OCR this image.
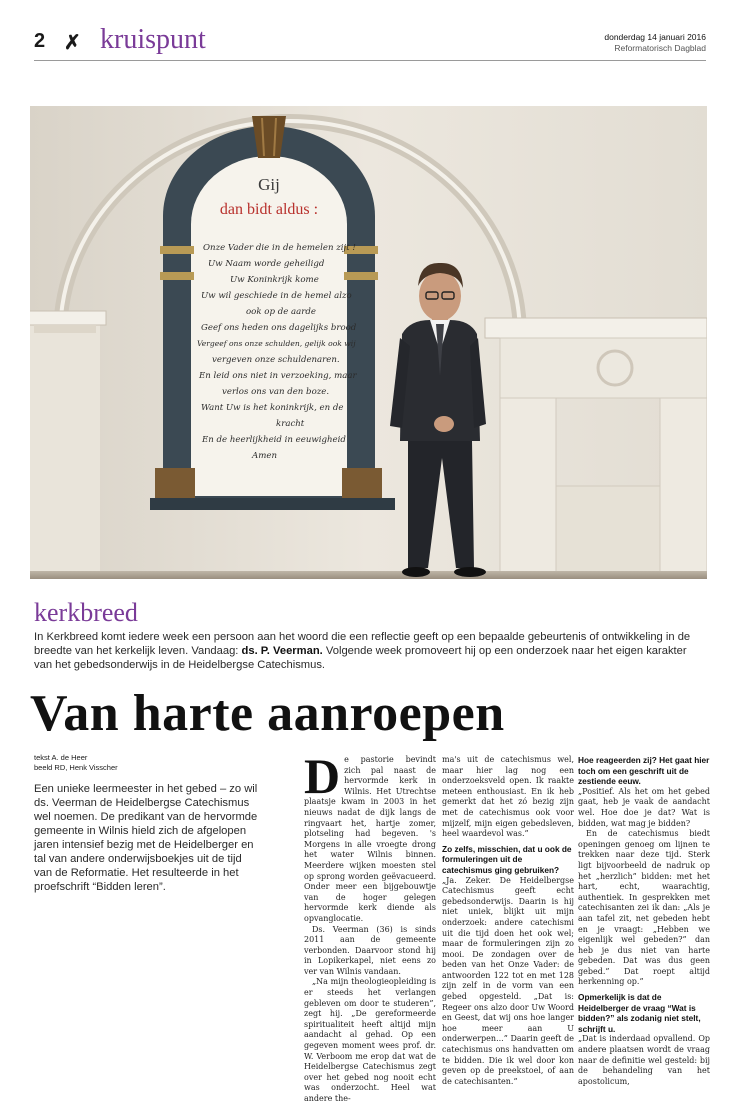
2 ✗ kruispunt	donderdag 14 januari 2016
Reformatorisch Dagblad
Gij
dan bidt aldus :
Onze Vader die in de hemelen zijt !
Uw Naam worde geheiligd
Uw Koninkrijk kome
Uw wil geschiede in de hemel alzo
ook op de aarde
Geef ons heden ons dagelijks brood
Vergeef ons onze schulden, gelijk ook wij
vergeven onze schuldenaren.
En leid ons niet in verzoeking, maar
verlos ons van den boze.
Want Uw is het koninkrijk, en de
kracht
En de heerlijkheid in eeuwigheid
Amen
kerkbreed

In Kerkbreed komt iedere week een persoon aan het woord die een reflectie geeft op een bepaalde gebeurtenis of ontwikkeling in de breedte van het kerkelijk leven. Vandaag: ds. P. Veerman. Volgende week promoveert hij op een onderzoek naar het eigen karakter van het gebedsonderwijs in de Heidelbergse Catechismus.

Van harte aanroepen
tekst A. de Heer
beeld RD, Henk Visscher

Een unieke leermeester in het gebed – zo wil ds. Veerman de Heidelbergse Catechismus wel noemen. De predikant van de hervormde gemeente in Wilnis hield zich de afgelopen jaren intensief bezig met de Heidelberger en tal van andere onderwijsboekjes uit de tijd van de Reformatie. Het resulteerde in het proefschrift “Bidden leren”.

D e pastorie bevindt zich pal naast de hervormde kerk in Wilnis. Het Utrechtse plaatsje kwam in 2003 in het nieuws nadat de dijk langs de ringvaart het, hartje zomer, plotseling had begeven. 's Morgens in alle vroegte drong het water Wilnis binnen. Meerdere wijken moesten stel op sprong worden geëvacueerd. Onder meer een bijgebouwtje van de hoger gelegen hervormde kerk diende als opvanglocatie.

Ds. Veerman (36) is sinds 2011 aan de gemeente verbonden. Daarvoor stond hij in Lopikerkapel, niet eens zo ver van Wilnis vandaan.

„Na mijn theologieopleiding is er steeds het verlangen gebleven om door te studeren”, zegt hij. „De gereformeerde spiritualiteit heeft altijd mijn aandacht al gehad. Op een gegeven moment wees prof. dr. W. Verboom me erop dat wat de Heidelbergse Catechismus zegt over het gebed nog nooit echt was onderzocht. Heel wat andere the-

ma's uit de catechismus wel, maar hier lag nog een onderzoeksveld open. Ik raakte meteen enthousiast. En ik heb gemerkt dat het zó bezig zijn met de catechismus ook voor mijzelf, mijn eigen gebedsleven, heel waardevol was.”

Zo zelfs, misschien, dat u ook de formuleringen uit de catechismus ging gebruiken?

„Ja. Zeker. De Heidelbergse Catechismus geeft echt gebedsonderwijs. Daarin is hij niet uniek, blijkt uit mijn onderzoek: andere catechismi uit die tijd doen het ook wel; maar de formuleringen zijn zo mooi. De zondagen over de beden van het Onze Vader: de antwoorden 122 tot en met 128 zijn zelf in de vorm van een gebed opgesteld. „Dat is: Regeer ons alzo door Uw Woord en Geest, dat wij ons hoe langer hoe meer aan U onderwerpen...” Daarin geeft de catechismus ons handvatten om te bidden. Die ik wel door kon geven op de preekstoel, of aan de catechisanten.”

Hoe reageerden zij? Het gaat hier toch om een geschrift uit de zestiende eeuw.

„Positief. Als het om het gebed gaat, heb je vaak de aandacht wel. Hoe doe je dat? Wat is bidden, wat mag je bidden?

En de catechismus biedt openingen genoeg om lijnen te trekken naar deze tijd. Sterk ligt bijvoorbeeld de nadruk op het „herzlich” bidden: met het hart, echt, waarachtig, authentiek. In gesprekken met catechisanten zei ik dan: „Als je aan tafel zit, net gebeden hebt en je vraagt: „Hebben we eigenlijk wel gebeden?” dan heb je dus niet van harte gebeden. Dat was dus geen gebed.” Dat roept altijd herkenning op.”

Opmerkelijk is dat de Heidelberger de vraag “Wat is bidden?” als zodanig niet stelt, schrijft u.

„Dat is inderdaad opvallend. Op andere plaatsen wordt de vraag naar de definitie wel gesteld: bij de behandeling van het apostolicum,
